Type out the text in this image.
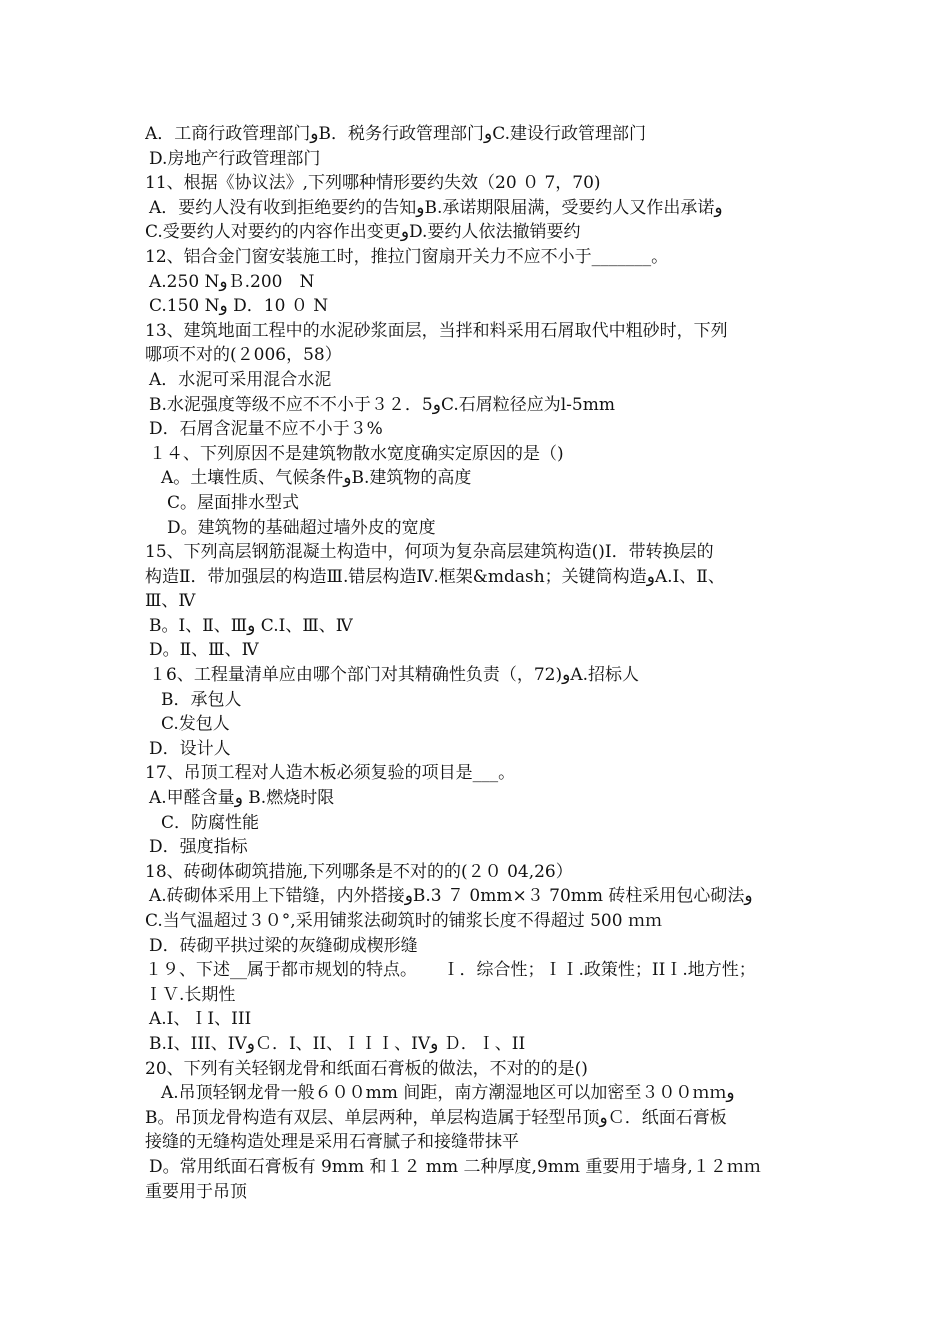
A．工商行政管理部门‪و‬B．税务行政管理部门‪و‬C.建设行政管理部门
D.房地产行政管理部门
11、根据《协议法》,下列哪种情形要约失效（20 ０ 7，70)
A．要约人没有收到拒绝要约的告知‪و‬B.承诺期限届满，受要约人又作出承诺‪و‬
C.受要约人对要约的内容作出变更‪و‬D.要约人依法撤销要约
12、铝合金门窗安装施工时，推拉门窗扇开关力不应不小于_______。
A.250 N‪و‬Ｂ.200　N
C.150 N‪و‬ D．10 ０ N
13、建筑地面工程中的水泥砂浆面层，当拌和料采用石屑取代中粗砂时，下列
哪项不对的(２006，58）
A．水泥可采用混合水泥
B.水泥强度等级不应不不小于３２．5‪و‬C.石屑粒径应为l-5mm
D．石屑含泥量不应不小于３%
１４、下列原因不是建筑物散水宽度确实定原因的是（)
A。土壤性质、气候条件‪و‬B.建筑物的高度
C。屋面排水型式
D。建筑物的基础超过墙外皮的宽度
15、下列高层钢筋混凝土构造中，何项为复杂高层建筑构造()Ⅰ．带转换层的
构造Ⅱ．带加强层的构造Ⅲ.错层构造Ⅳ.框架&mdash；关键筒构造‪و‬A.Ⅰ、Ⅱ、
Ⅲ、Ⅳ
B。Ⅰ、Ⅱ、Ⅲ‪و‬ C.Ⅰ、Ⅲ、Ⅳ
D。Ⅱ、Ⅲ、Ⅳ
１6、工程量清单应由哪个部门对其精确性负责（，72)‪و‬A.招标人
B．承包人
C.发包人
D．设计人
17、吊顶工程对人造木板必须复验的项目是___。
A.甲醛含量‪و‬ B.燃烧时限
C．防腐性能
D．强度指标
18、砖砌体砌筑措施,下列哪条是不对的的(２０ 04,26）
A.砖砌体采用上下错缝，内外搭接‪و‬B.3 ７ 0mm×３ 70mm 砖柱采用包心砌法‪و‬
C.当气温超过３０°,采用铺浆法砌筑时的铺浆长度不得超过 500 ｍｍ
D．砖砌平拱过梁的灰缝砌成楔形缝
１９、下述__属于都市规划的特点。　　Ｉ．综合性；ＩＩ.政策性；IIＩ.地方性；
ＩＶ.长期性
A.I、ＩI、III
B.I、III、IV‪و‬Ｃ．I、II、ＩＩＩ、IV‪و‬ Ｄ．Ｉ、II
20、下列有关轻钢龙骨和纸面石膏板的做法，不对的的是()
A.吊顶轻钢龙骨一般６００mm 间距，南方潮湿地区可以加密至３００ｍｍ‪و‬
B。吊顶龙骨构造有双层、单层两种，单层构造属于轻型吊顶‪و‬Ｃ．纸面石膏板
接缝的无缝构造处理是采用石膏腻子和接缝带抹平
D。常用纸面石膏板有 9mm 和１２ mm 二种厚度,9mm 重要用于墙身,１２ｍｍ
重要用于吊顶
